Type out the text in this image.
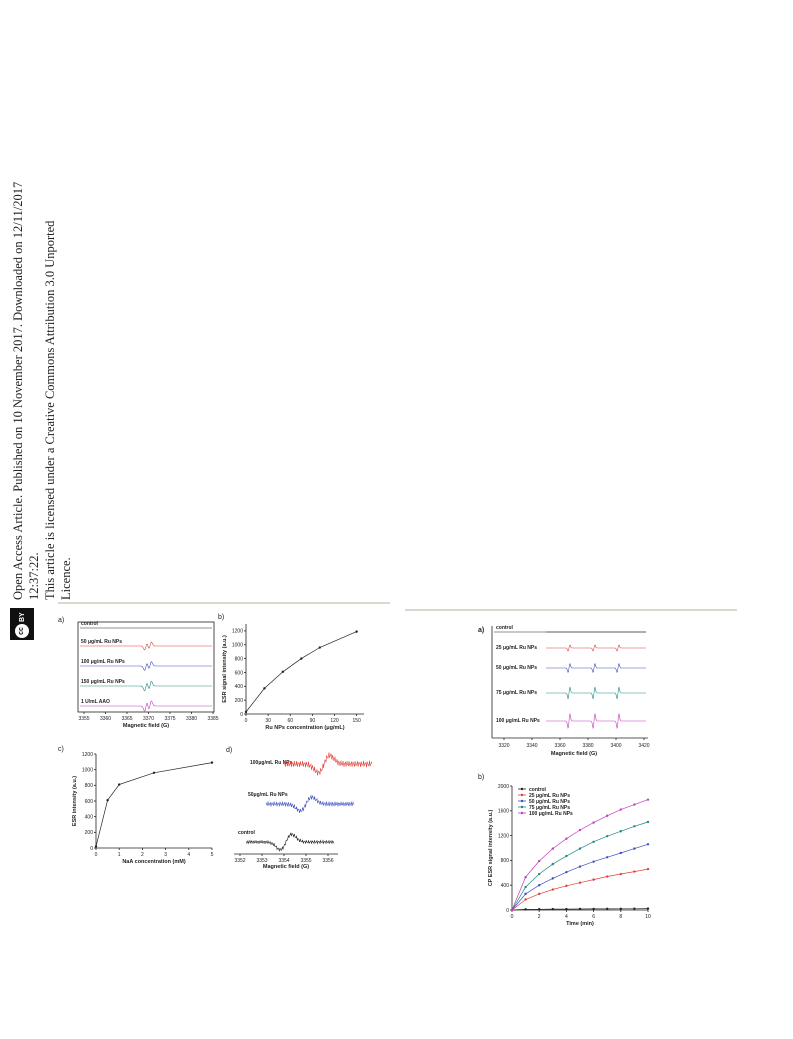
Open Access Article. Published on 10 November 2017. Downloaded on 12/11/2017 12:37:22. This article is licensed under a Creative Commons Attribution 3.0 Unported Licence.
cc
BY	a)	control
50 μg/mL Ru NPs
100 μg/mL Ru NPs
150 μg/mL Ru NPs
1 U/mL AAO
3355 3360 3365 3370 3375 3380 3385
Magnetic field (G)
b)
0	30	60	90	120	150
0
200
400
600
800
1000
1200
Ru NPs concentration (μg/mL)
ESR signal intensity (a.u.)
c)
0	1	2	3	4	5
0
200
400
600
800
1000
1200
NaA concentration (mM)
ESR intensity (a.u.)
d)
100μg/mL Ru NPs
50μg/mL Ru NPs
control
3352 3353 3354 3355 3356
Magnetic field (G)
a) control
25 μg/mL Ru NPs
50 μg/mL Ru NPs
75 μg/mL Ru NPs
100 μg/mL Ru NPs
3320	3340	3360	3380	3400	3420
Magnetic field (G)
b)
0	2	4	6	8	10
0
400
800
1200
1600
2000
Time (min)
CP ESR signal intensity (a.u.)
control
25 μg/mL Ru NPs
50 μg/mL Ru NPs
75 μg/mL Ru NPs
100 μg/mL Ru NPs
